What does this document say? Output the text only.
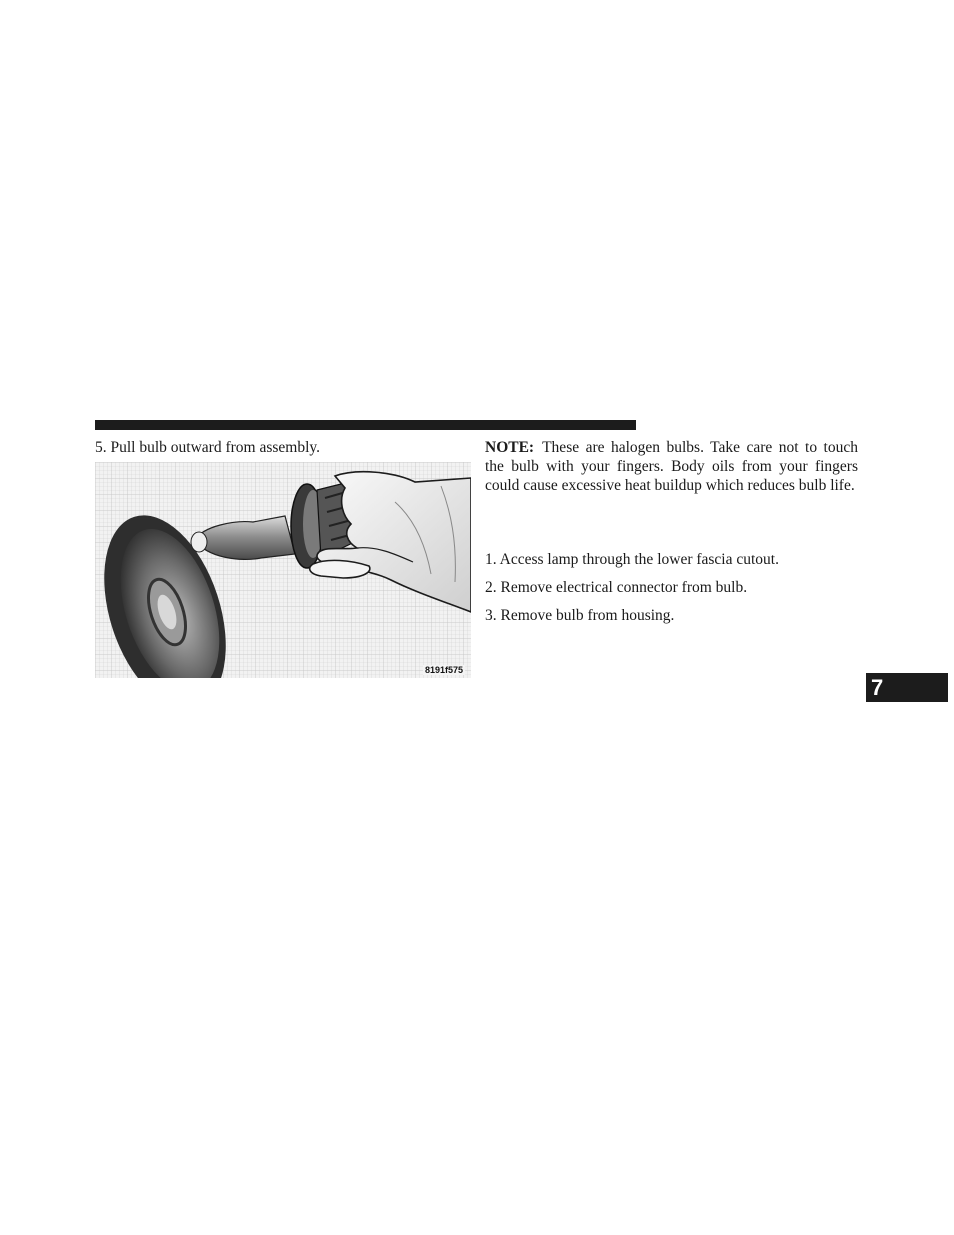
5. Pull bulb outward from assembly.
8191f575
NOTE: These are halogen bulbs. Take care not to touch the bulb with your fingers. Body oils from your fingers could cause excessive heat buildup which reduces bulb life.
1. Access lamp through the lower fascia cutout.
2. Remove electrical connector from bulb.
3. Remove bulb from housing.
7
